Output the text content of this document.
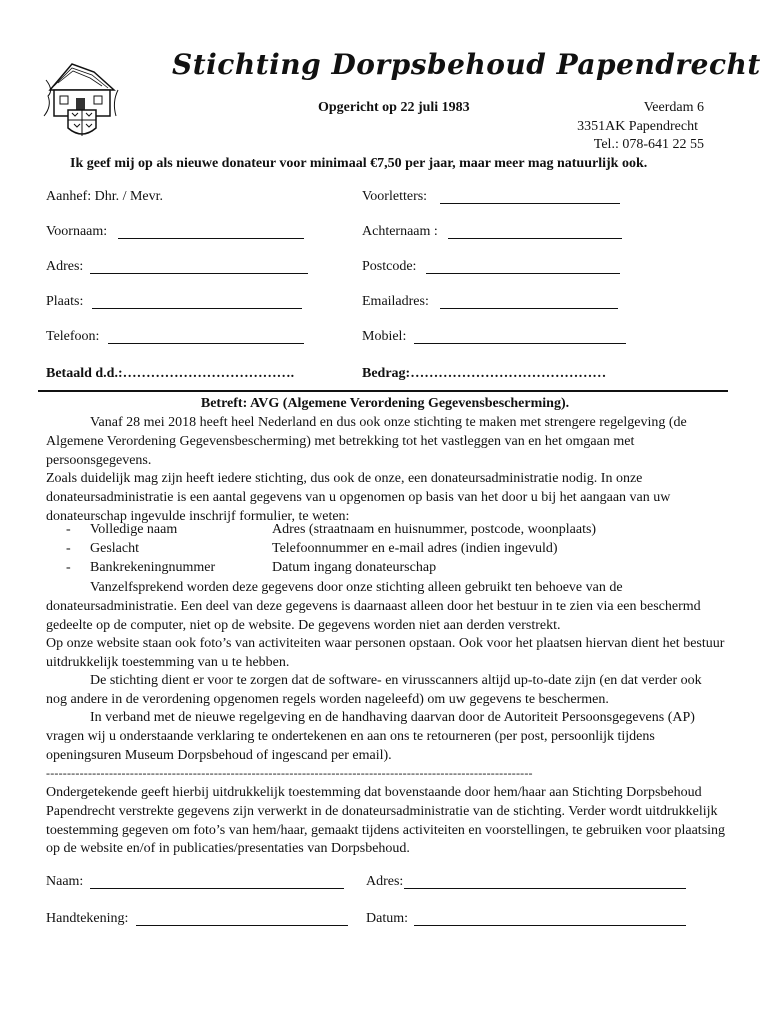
Stichting Dorpsbehoud Papendrecht
Opgericht op 22 juli 1983	Veerdam 6
3351AK Papendrecht
Tel.: 078-641 22 55
Ik geef mij op als nieuwe donateur voor minimaal €7,50 per jaar, maar meer mag natuurlijk ook.
Aanhef: Dhr. / Mevr.	Voorletters:
Voornaam:	Achternaam :
Adres:	Postcode:
Plaats:	Emailadres:
Telefoon:	Mobiel:
Betaald d.d.:……………………………….	Bedrag:……………………………………
Betreft: AVG (Algemene Verordening Gegevensbescherming).
Vanaf 28 mei 2018 heeft heel Nederland en dus ook onze stichting te maken met strengere regelgeving (de Algemene Verordening Gegevensbescherming) met betrekking tot het vastleggen van en het omgaan met persoonsgegevens.
Zoals duidelijk mag zijn heeft iedere stichting, dus ook de onze, een donateursadministratie nodig. In onze donateursadministratie is een aantal gegevens van u opgenomen op basis van het door u bij het aangaan van uw donateurschap ingevulde inschrijf formulier, te weten:
- Volledige naam	Adres (straatnaam en huisnummer, postcode, woonplaats)
- Geslacht	Telefoonnummer en e-mail adres (indien ingevuld)
- Bankrekeningnummer	Datum ingang donateurschap
Vanzelfsprekend worden deze gegevens door onze stichting alleen gebruikt ten behoeve van de donateursadministratie. Een deel van deze gegevens is daarnaast alleen door het bestuur in te zien via een beschermd gedeelte op de computer, niet op de website. De gegevens worden niet aan derden verstrekt.
Op onze website staan ook foto’s van activiteiten waar personen opstaan. Ook voor het plaatsen hiervan dient het bestuur uitdrukkelijk toestemming van u te hebben.
De stichting dient er voor te zorgen dat de software- en virusscanners altijd up-to-date zijn (en dat verder ook nog andere in de verordening opgenomen regels worden nageleefd) om uw gegevens te beschermen.
In verband met de nieuwe regelgeving en de handhaving daarvan door de Autoriteit Persoonsgegevens (AP) vragen wij u onderstaande verklaring te ondertekenen en aan ons te retourneren (per post, persoonlijk tijdens openingsuren Museum Dorpsbehoud of ingescand per email).
--------------------------------------------------------------------------------------------------------------------
Ondergetekende geeft hierbij uitdrukkelijk toestemming dat bovenstaande door hem/haar aan Stichting Dorpsbehoud Papendrecht verstrekte gegevens zijn verwerkt in de donateursadministratie van de stichting. Verder wordt uitdrukkelijk toestemming gegeven om foto’s van hem/haar, gemaakt tijdens activiteiten en voorstellingen, te gebruiken voor plaatsing op de website en/of in publicaties/presentaties van Dorpsbehoud.
Naam:	Adres:
Handtekening:	Datum:
